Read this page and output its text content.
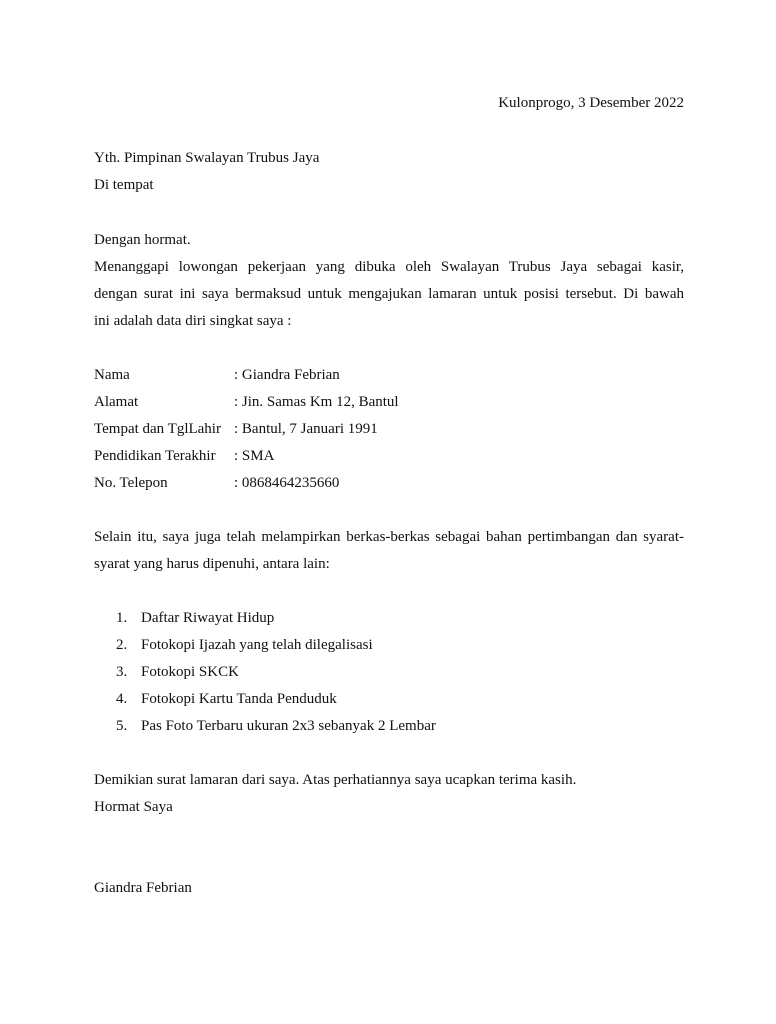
Kulonprogo, 3 Desember 2022
Yth. Pimpinan Swalayan Trubus Jaya
Di tempat
Dengan hormat.
Menanggapi lowongan pekerjaan yang dibuka oleh Swalayan Trubus Jaya sebagai kasir,
dengan surat ini saya bermaksud untuk mengajukan lamaran untuk posisi tersebut. Di bawah
ini adalah data diri singkat saya :
Nama	: Giandra Febrian
Alamat	: Jin. Samas Km 12, Bantul
Tempat dan TglLahir : Bantul, 7 Januari 1991
Pendidikan Terakhir : SMA
No. Telepon	: 0868464235660
Selain itu, saya juga telah melampirkan berkas-berkas sebagai bahan pertimbangan dan syarat-
syarat yang harus dipenuhi, antara lain:
1. Daftar Riwayat Hidup
2. Fotokopi Ijazah yang telah dilegalisasi
3. Fotokopi SKCK
4. Fotokopi Kartu Tanda Penduduk
5. Pas Foto Terbaru ukuran 2x3 sebanyak 2 Lembar
Demikian surat lamaran dari saya. Atas perhatiannya saya ucapkan terima kasih.
Hormat Saya
Giandra Febrian
